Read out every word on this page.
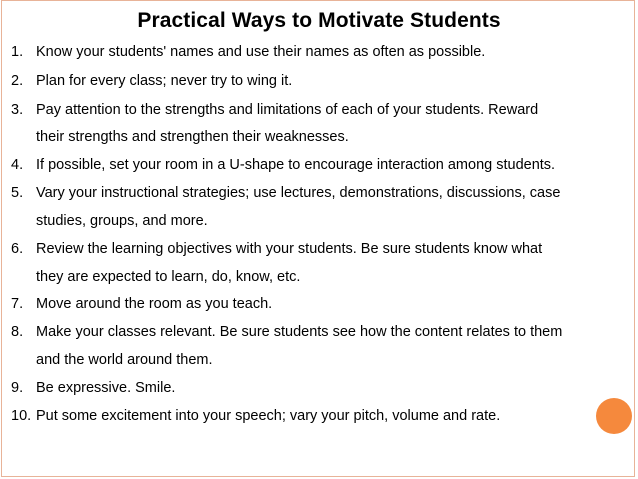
Practical Ways to Motivate Students
1. Know your students' names and use their names as often as possible.
2. Plan for every class; never try to wing it.
3. Pay attention to the strengths and limitations of each of your students. Reward
their strengths and strengthen their weaknesses.
4. If possible, set your room in a U-shape to encourage interaction among students.
5. Vary your instructional strategies; use lectures, demonstrations, discussions, case
studies, groups, and more.
6. Review the learning objectives with your students. Be sure students know what
they are expected to learn, do, know, etc.
7. Move around the room as you teach.
8. Make your classes relevant. Be sure students see how the content relates to them
and the world around them.
9. Be expressive. Smile.
10. Put some excitement into your speech; vary your pitch, volume and rate.
